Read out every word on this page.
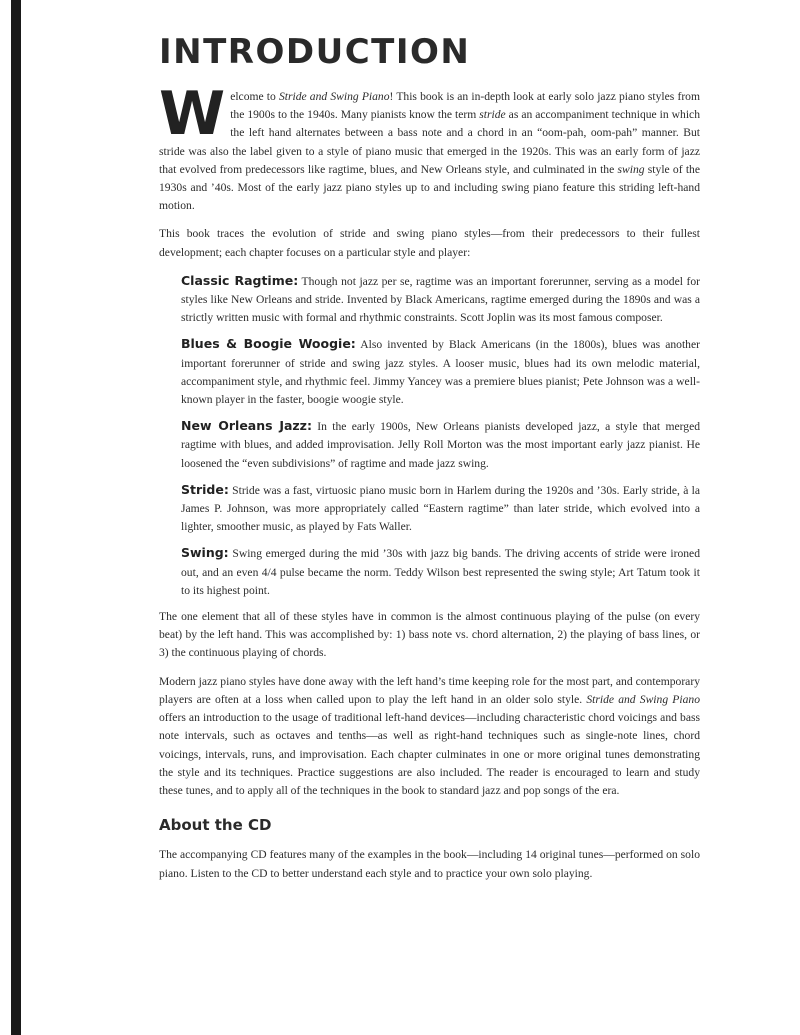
INTRODUCTION

Welcome to Stride and Swing Piano! This book is an in-depth look at early solo jazz piano styles from the 1900s to the 1940s. Many pianists know the term stride as an accompaniment technique in which the left hand alternates between a bass note and a chord in an “oom-pah, oom-pah” manner. But stride was also the label given to a style of piano music that emerged in the 1920s. This was an early form of jazz that evolved from predecessors like ragtime, blues, and New Orleans style, and culminated in the swing style of the 1930s and ’40s. Most of the early jazz piano styles up to and including swing piano feature this striding left-hand motion.

This book traces the evolution of stride and swing piano styles—from their predecessors to their fullest development; each chapter focuses on a particular style and player:

Classic Ragtime: Though not jazz per se, ragtime was an important forerunner, serving as a model for styles like New Orleans and stride. Invented by Black Americans, ragtime emerged during the 1890s and was a strictly written music with formal and rhythmic constraints. Scott Joplin was its most famous composer.

Blues & Boogie Woogie: Also invented by Black Americans (in the 1800s), blues was another important forerunner of stride and swing jazz styles. A looser music, blues had its own melodic material, accompaniment style, and rhythmic feel. Jimmy Yancey was a premiere blues pianist; Pete Johnson was a well-known player in the faster, boogie woogie style.

New Orleans Jazz: In the early 1900s, New Orleans pianists developed jazz, a style that merged ragtime with blues, and added improvisation. Jelly Roll Morton was the most important early jazz pianist. He loosened the “even subdivisions” of ragtime and made jazz swing.

Stride: Stride was a fast, virtuosic piano music born in Harlem during the 1920s and ’30s. Early stride, à la James P. Johnson, was more appropriately called “Eastern ragtime” than later stride, which evolved into a lighter, smoother music, as played by Fats Waller.

Swing: Swing emerged during the mid ’30s with jazz big bands. The driving accents of stride were ironed out, and an even 4/4 pulse became the norm. Teddy Wilson best represented the swing style; Art Tatum took it to its highest point.

The one element that all of these styles have in common is the almost continuous playing of the pulse (on every beat) by the left hand. This was accomplished by: 1) bass note vs. chord alternation, 2) the playing of bass lines, or 3) the continuous playing of chords.

Modern jazz piano styles have done away with the left hand’s time keeping role for the most part, and contemporary players are often at a loss when called upon to play the left hand in an older solo style. Stride and Swing Piano offers an introduction to the usage of traditional left-hand devices—including characteristic chord voicings and bass note intervals, such as octaves and tenths—as well as right-hand techniques such as single-note lines, chord voicings, intervals, runs, and improvisation. Each chapter culminates in one or more original tunes demonstrating the style and its techniques. Practice suggestions are also included. The reader is encouraged to learn and study these tunes, and to apply all of the techniques in the book to standard jazz and pop songs of the era.

About the CD

The accompanying CD features many of the examples in the book—including 14 original tunes—performed on solo piano. Listen to the CD to better understand each style and to practice your own solo playing.
